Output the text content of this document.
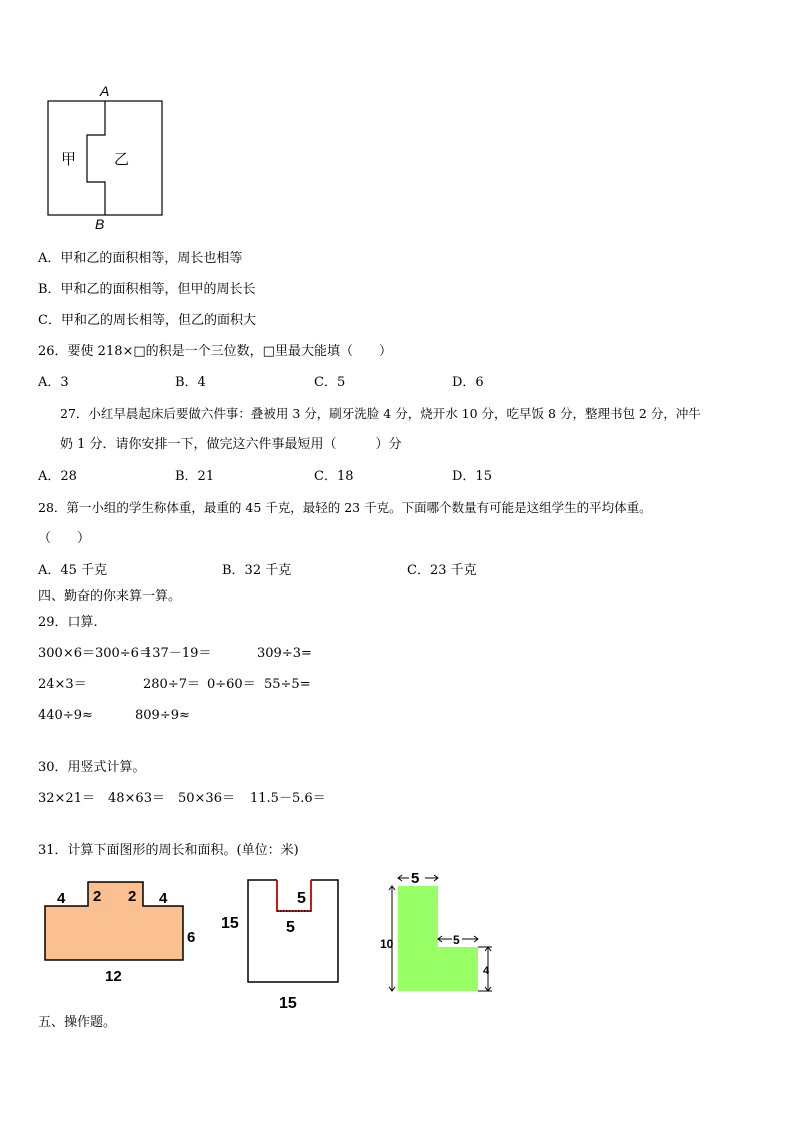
A
B
甲	乙
A．甲和乙的面积相等，周长也相等
B．甲和乙的面积相等，但甲的周长长
C．甲和乙的周长相等，但乙的面积大
26．要使 218×□的积是一个三位数，□里最大能填（　　）
A．3	B．4	C．5	D．6
27．小红早晨起床后要做六件事：叠被用 3 分，刷牙洗脸 4 分，烧开水 10 分，吃早饭 8 分，整理书包 2 分，冲牛
奶 1 分．请你安排一下，做完这六件事最短用（　　　）分
A．28	B．21	C．18	D．15
28．第一小组的学生称体重，最重的 45 千克，最轻的 23 千克。下面哪个数量有可能是这组学生的平均体重。
（　　）
A．45 千克	B．32 千克	C．23 千克
四、勤奋的你来算一算。
29．口算.
300×6＝300÷6＝
137－19＝	309÷3=
24×3＝	280÷7＝ 0÷60＝ 55÷5=
440÷9≈	809÷9≈
30．用竖式计算。
32×21＝ 48×63＝ 50×36＝ 11.5－5.6＝
31．计算下面图形的周长和面积。(单位：米)
4 2 2 4
6
12
15
5
5
15
5
10	5
4
五、操作题。
